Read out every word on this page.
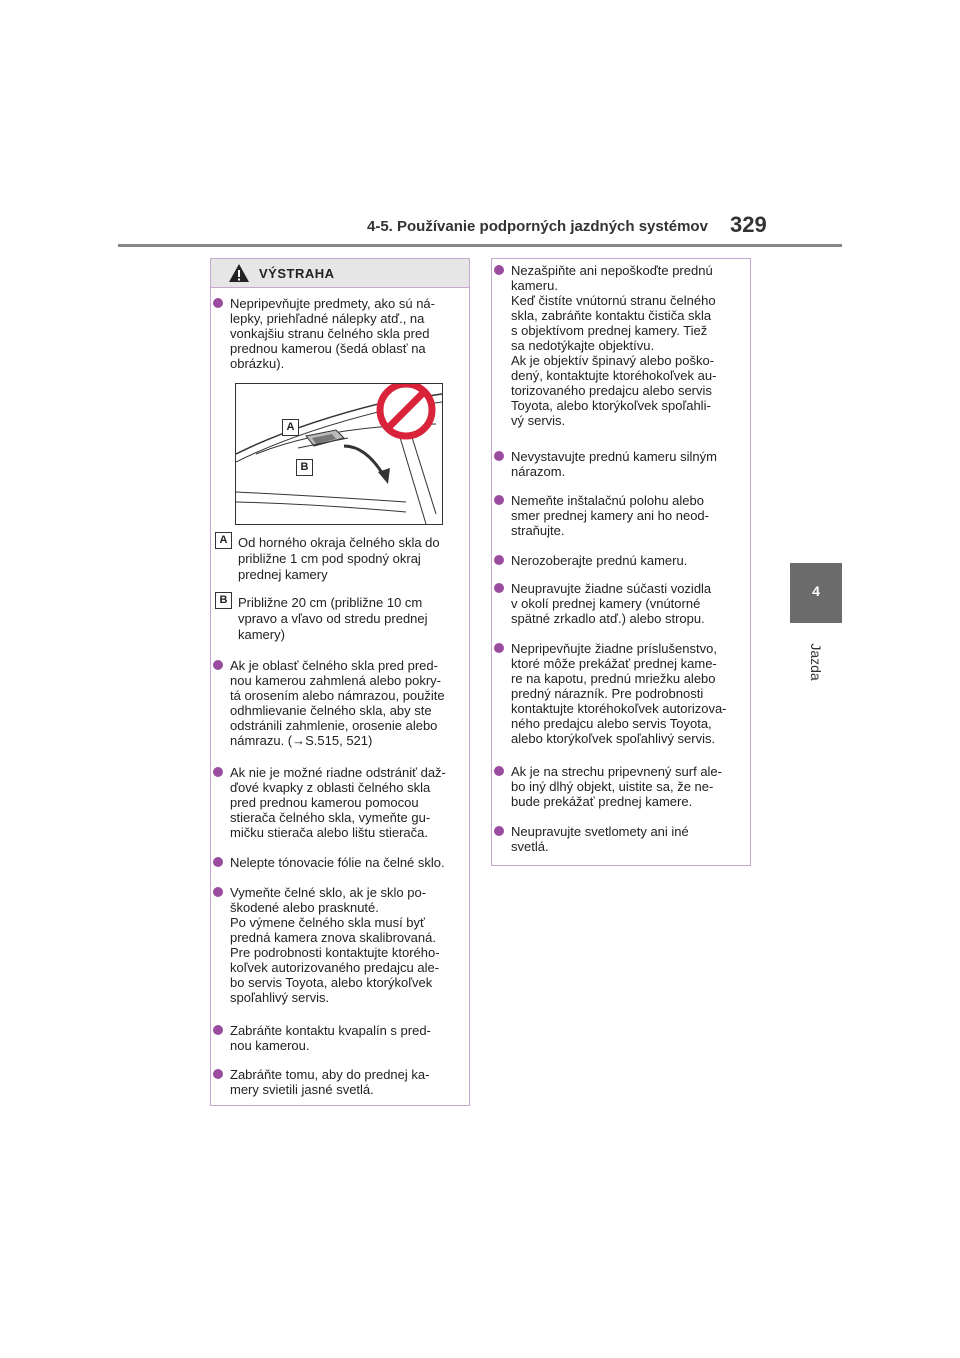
4-5. Používanie podporných jazdných systémov 329
4
Jazda
VÝSTRAHA
Nepripevňujte predmety, ako sú ná-
lepky, priehľadné nálepky atď., na
vonkajšiu stranu čelného skla pred
prednou kamerou (šedá oblasť na
obrázku).
A
B
A Od horného okraja čelného skla do
približne 1 cm pod spodný okraj
prednej kamery
B Približne 20 cm (približne 10 cm
vpravo a vľavo od stredu prednej
kamery)
Ak je oblasť čelného skla pred pred-
nou kamerou zahmlená alebo pokry-
tá orosením alebo námrazou, použite
odhmlievanie čelného skla, aby ste
odstránili zahmlenie, orosenie alebo
námrazu. (→S.515, 521)
Ak nie je možné riadne odstrániť daž-
ďové kvapky z oblasti čelného skla
pred prednou kamerou pomocou
stierača čelného skla, vymeňte gu-
mičku stierača alebo lištu stierača.
Nelepte tónovacie fólie na čelné sklo.
Vymeňte čelné sklo, ak je sklo po-
škodené alebo prasknuté.
Po výmene čelného skla musí byť
predná kamera znova skalibrovaná.
Pre podrobnosti kontaktujte ktorého-
koľvek autorizovaného predajcu ale-
bo servis Toyota, alebo ktorýkoľvek
spoľahlivý servis.
Zabráňte kontaktu kvapalín s pred-
nou kamerou.
Zabráňte tomu, aby do prednej ka-
mery svietili jasné svetlá.
Nezašpiňte ani nepoškoďte prednú
kameru.
Keď čistíte vnútornú stranu čelného
skla, zabráňte kontaktu čističa skla
s objektívom prednej kamery. Tiež
sa nedotýkajte objektívu.
Ak je objektív špinavý alebo poško-
dený, kontaktujte ktoréhokoľvek au-
torizovaného predajcu alebo servis
Toyota, alebo ktorýkoľvek spoľahli-
vý servis.
Nevystavujte prednú kameru silným
nárazom.
Nemeňte inštalačnú polohu alebo
smer prednej kamery ani ho neod-
straňujte.
Nerozoberajte prednú kameru.
Neupravujte žiadne súčasti vozidla
v okolí prednej kamery (vnútorné
spätné zrkadlo atď.) alebo stropu.
Nepripevňujte žiadne príslušenstvo,
ktoré môže prekážať prednej kame-
re na kapotu, prednú mriežku alebo
predný nárazník. Pre podrobnosti
kontaktujte ktoréhokoľvek autorizova-
ného predajcu alebo servis Toyota,
alebo ktorýkoľvek spoľahlivý servis.
Ak je na strechu pripevnený surf ale-
bo iný dlhý objekt, uistite sa, že ne-
bude prekážať prednej kamere.
Neupravujte svetlomety ani iné
svetlá.
